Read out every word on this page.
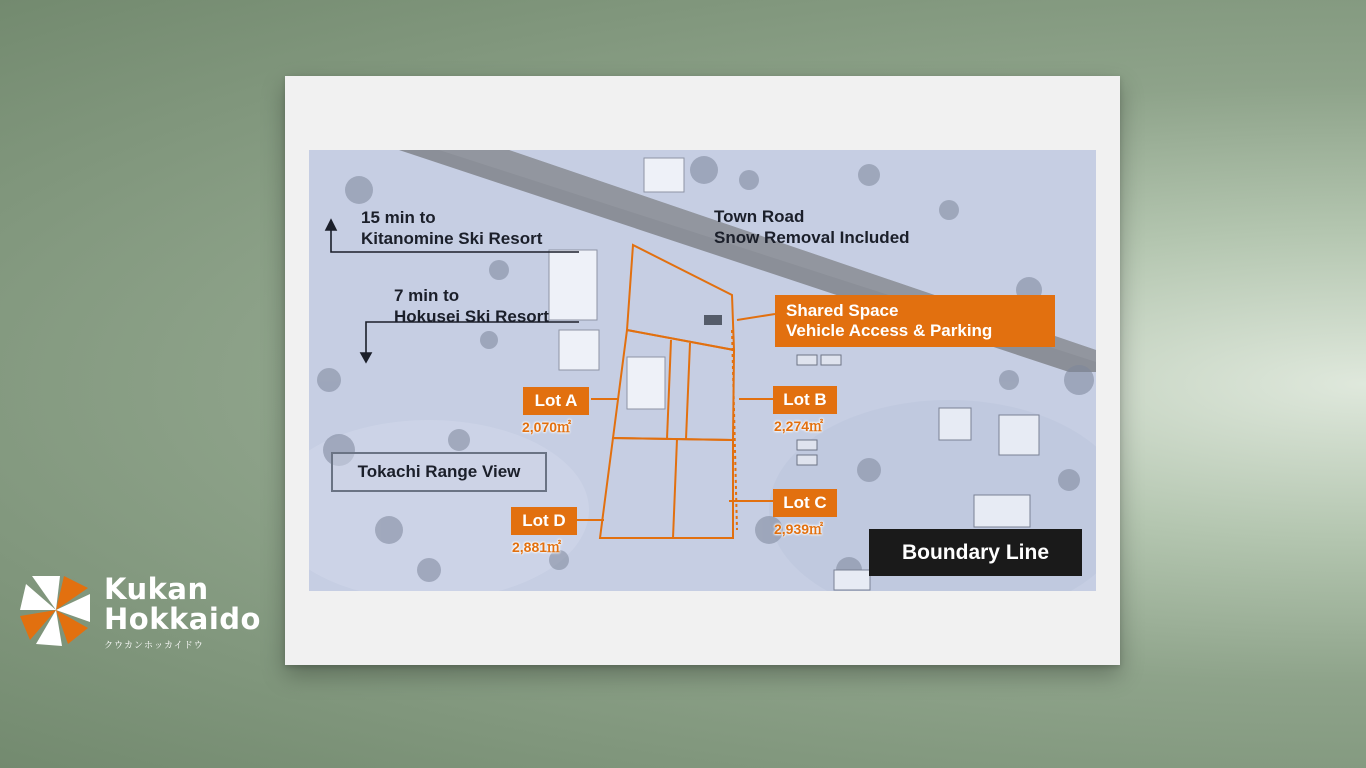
Town Road
Snow Removal Included
15 min to
Kitanomine Ski Resort
7 min to
Hokusei Ski Resort	Shared Space
Vehicle Access & Parking
Lot A
2,070㎡
Lot B
2,274㎡
Lot C
2,939㎡
Lot D
2,881㎡
Tokachi Range View
Boundary Line
Kukan
Hokkaido
クウカンホッカイドウ
